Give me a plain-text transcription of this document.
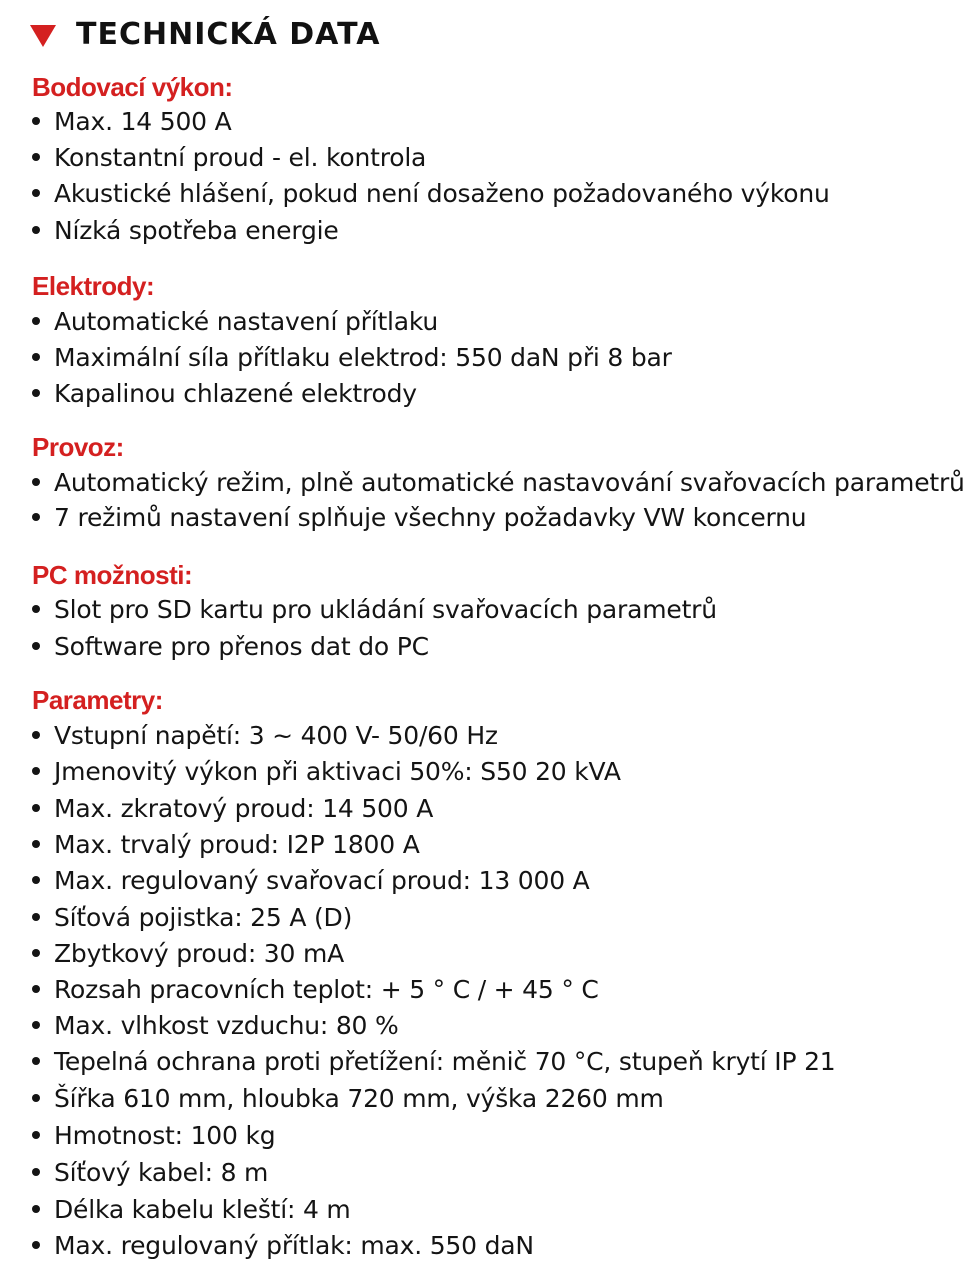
TECHNICKÁ DATA
Bodovací výkon:
Max. 14 500 A
Konstantní proud - el. kontrola
Akustické hlášení, pokud není dosaženo požadovaného výkonu
Nízká spotřeba energie
Elektrody:
Automatické nastavení přítlaku
Maximální síla přítlaku elektrod: 550 daN při 8 bar
Kapalinou chlazené elektrody
Provoz:
Automatický režim, plně automatické nastavování svařovacích parametrů
7 režimů nastavení splňuje všechny požadavky VW koncernu
PC možnosti:
Slot pro SD kartu pro ukládání svařovacích parametrů
Software pro přenos dat do PC
Parametry:
Vstupní napětí: 3 ~ 400 V- 50/60 Hz
Jmenovitý výkon při aktivaci 50%: S50 20 kVA
Max. zkratový proud: 14 500 A
Max. trvalý proud: I2P 1800 A
Max. regulovaný svařovací proud: 13 000 A
Síťová pojistka: 25 A (D)
Zbytkový proud: 30 mA
Rozsah pracovních teplot: + 5 ° C / + 45 ° C
Max. vlhkost vzduchu: 80 %
Tepelná ochrana proti přetížení: měnič 70 °C, stupeň krytí IP 21
Šířka 610 mm, hloubka 720 mm, výška 2260 mm
Hmotnost: 100 kg
Síťový kabel: 8 m
Délka kabelu kleští: 4 m
Max. regulovaný přítlak: max. 550 daN
